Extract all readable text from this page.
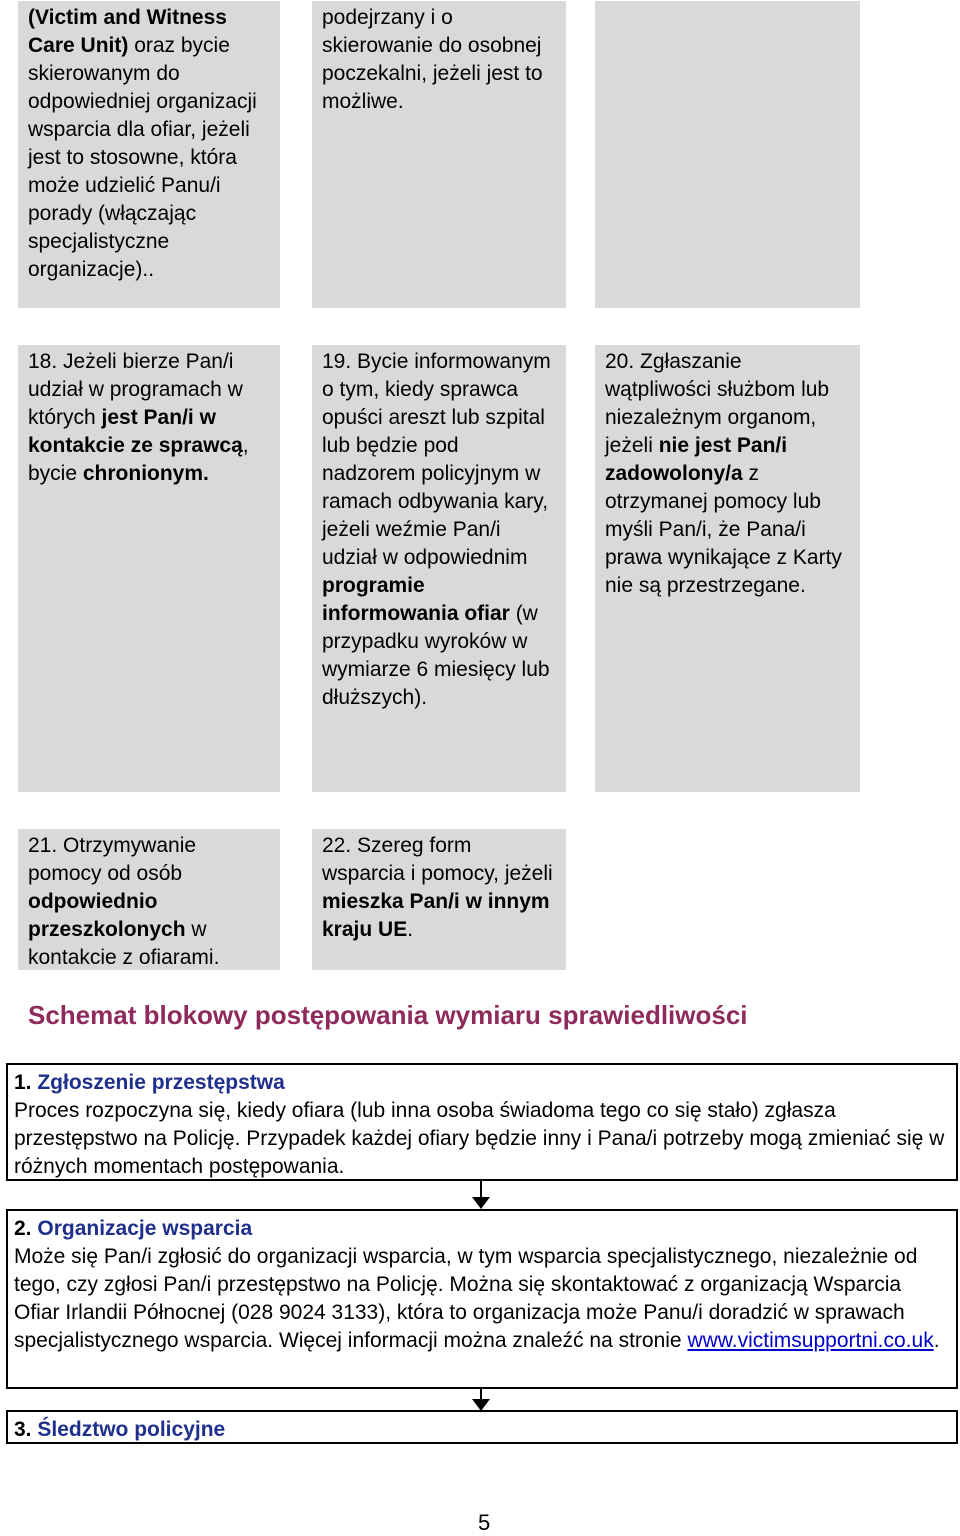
(Victim and Witness Care Unit) oraz bycie skierowanym do odpowiedniej organizacji wsparcia dla ofiar, jeżeli jest to stosowne, która może udzielić Panu/i porady (włączając specjalistyczne organizacje)..
podejrzany i o skierowanie do osobnej poczekalni, jeżeli jest to możliwe.
18. Jeżeli bierze Pan/i udział w programach w których jest Pan/i w kontakcie ze sprawcą, bycie chronionym.
19. Bycie informowanym o tym, kiedy sprawca opuści areszt lub szpital lub będzie pod nadzorem policyjnym w ramach odbywania kary, jeżeli weźmie Pan/i udział w odpowiednim programie informowania ofiar (w przypadku wyroków w wymiarze 6 miesięcy lub dłuższych).
20. Zgłaszanie wątpliwości służbom lub niezależnym organom, jeżeli nie jest Pan/i zadowolony/a z otrzymanej pomocy lub myśli Pan/i, że Pana/i prawa wynikające z Karty nie są przestrzegane.
21. Otrzymywanie pomocy od osób odpowiednio przeszkolonych w kontakcie z ofiarami.
22. Szereg form wsparcia i pomocy, jeżeli mieszka Pan/i w innym kraju UE.
Schemat blokowy postępowania wymiaru sprawiedliwości
1. Zgłoszenie przestępstwa
Proces rozpoczyna się, kiedy ofiara (lub inna osoba świadoma tego co się stało) zgłasza przestępstwo na Policję. Przypadek każdej ofiary będzie inny i Pana/i potrzeby mogą zmieniać się w różnych momentach postępowania.
2. Organizacje wsparcia
Może się Pan/i zgłosić do organizacji wsparcia, w tym wsparcia specjalistycznego, niezależnie od tego, czy zgłosi Pan/i przestępstwo na Policję. Można się skontaktować z organizacją Wsparcia Ofiar Irlandii Północnej (028 9024 3133), która to organizacja może Panu/i doradzić w sprawach specjalistycznego wsparcia. Więcej informacji można znaleźć na stronie www.victimsupportni.co.uk.
3. Śledztwo policyjne
5
